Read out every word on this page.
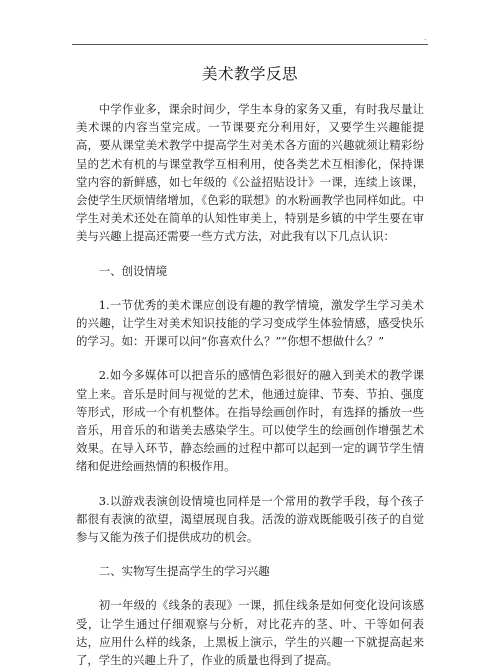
.
美术教学反思

中学作业多，课余时间少，学生本身的家务又重，有时我尽量让美术课的内容当堂完成。一节课要充分利用好，又要学生兴趣能提高，要从课堂美术教学中提高学生对美术各方面的兴趣就须让精彩纷呈的艺术有机的与课堂教学互相利用，使各类艺术互相渗化，保持课堂内容的新鲜感，如七年级的《公益招贴设计》一课，连续上该课，会使学生厌烦情绪增加，《色彩的联想》的水粉画教学也同样如此。中学生对美术还处在简单的认知性审美上，特别是乡镇的中学生要在审美与兴趣上提高还需要一些方式方法，对此我有以下几点认识：

一、创设情境

1.一节优秀的美术课应创设有趣的教学情境，激发学生学习美术的兴趣，让学生对美术知识技能的学习变成学生体验情感，感受快乐的学习。如：开课可以问“你喜欢什么？”“你想不想做什么？”

2.如今多媒体可以把音乐的感情色彩很好的融入到美术的教学课堂上来。音乐是时间与视觉的艺术，他通过旋律、节奏、节拍、强度等形式，形成一个有机整体。在指导绘画创作时，有选择的播放一些音乐，用音乐的和谐美去感染学生。可以使学生的绘画创作增强艺术效果。在导入环节，静态绘画的过程中都可以起到一定的调节学生情绪和促进绘画热情的积极作用。

3.以游戏表演创设情境也同样是一个常用的教学手段，每个孩子都很有表演的欲望，渴望展现自我。活泼的游戏既能吸引孩子的自觉参与又能为孩子们提供成功的机会。

二、实物写生提高学生的学习兴趣

初一年级的《线条的表现》一课，抓住线条是如何变化设问该感受，让学生通过仔细观察与分析，对比花卉的茎、叶、干等如何表达，应用什么样的线条，上黑板上演示，学生的兴趣一下就提高起来了，学生的兴趣上升了，作业的质量也得到了提高。
